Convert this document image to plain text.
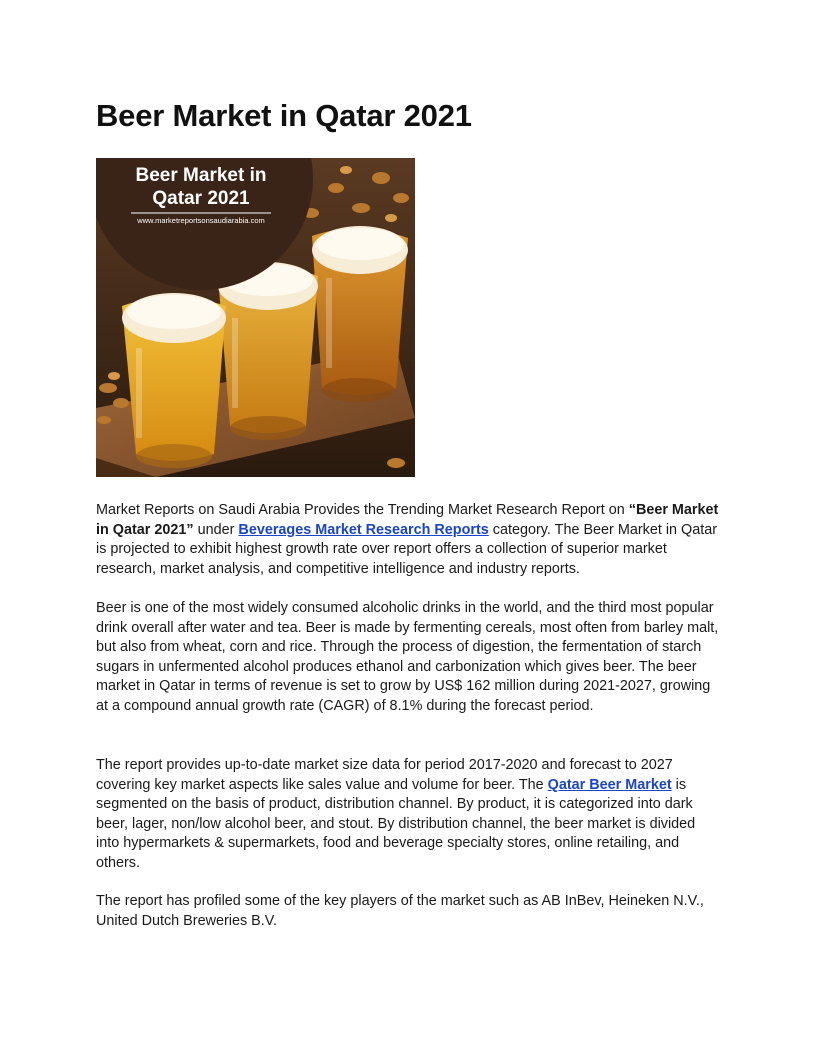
Beer Market in Qatar 2021
Beer Market in
Qatar 2021
www.marketreportsonsaudiarabia.com

Market Reports on Saudi Arabia Provides the Trending Market Research Report on “Beer Market in Qatar 2021” under Beverages Market Research Reports category. The Beer Market in Qatar is projected to exhibit highest growth rate over report offers a collection of superior market research, market analysis, and competitive intelligence and industry reports.

Beer is one of the most widely consumed alcoholic drinks in the world, and the third most popular drink overall after water and tea. Beer is made by fermenting cereals, most often from barley malt, but also from wheat, corn and rice. Through the process of digestion, the fermentation of starch sugars in unfermented alcohol produces ethanol and carbonization which gives beer. The beer market in Qatar in terms of revenue is set to grow by US$ 162 million during 2021-2027, growing at a compound annual growth rate (CAGR) of 8.1% during the forecast period.

The report provides up-to-date market size data for period 2017-2020 and forecast to 2027 covering key market aspects like sales value and volume for beer. The Qatar Beer Market is segmented on the basis of product, distribution channel. By product, it is categorized into dark beer, lager, non/low alcohol beer, and stout. By distribution channel, the beer market is divided into hypermarkets & supermarkets, food and beverage specialty stores, online retailing, and others.

The report has profiled some of the key players of the market such as AB InBev, Heineken N.V., United Dutch Breweries B.V.
